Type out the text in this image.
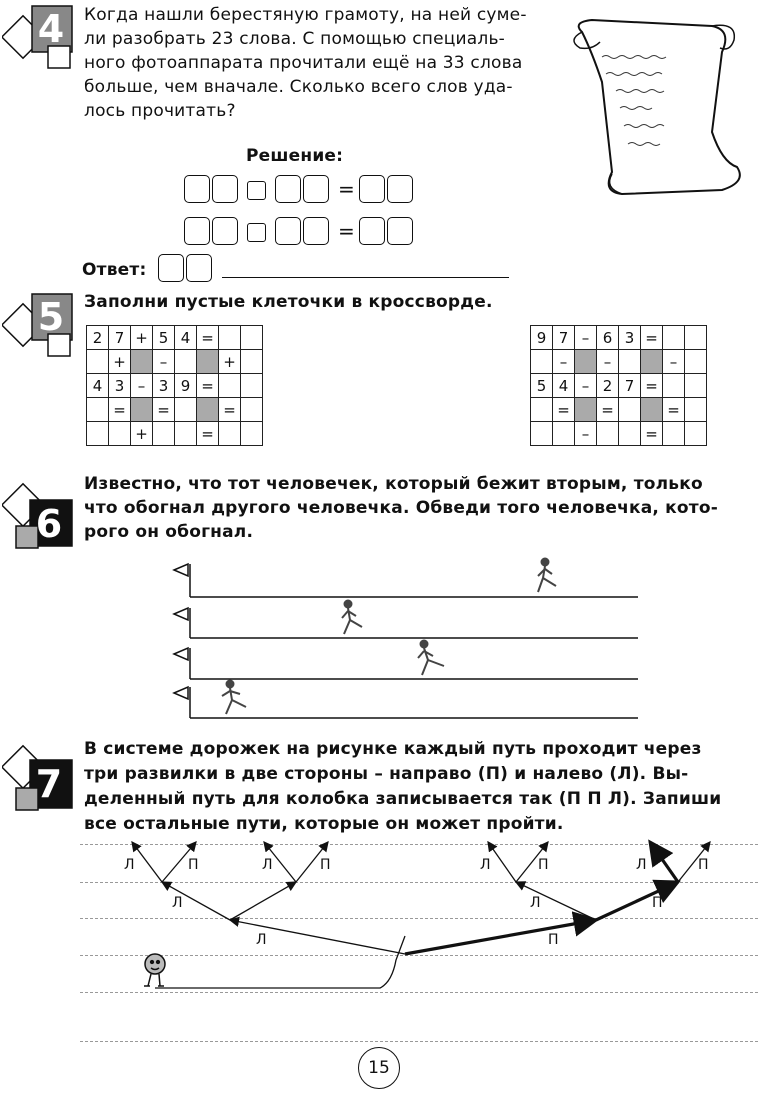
4	Когда нашли берестяную грамоту, на ней суме-
ли разобрать 23 слова. С помощью специаль-
ного фотоаппарата прочитали ещё на 33 слова
больше, чем вначале. Сколько всего слов уда-
лось прочитать?
Решение:
=
=
Ответ:
5	Заполни пустые клеточки в кроссворде.
2	7	+	5	4	=		
	+		–			+	
4	3	–	3	9	=		
	=		=			=	
		+			=		
9	7	–	6	3	=		
	–		–			–	
5	4	–	2	7	=		
	=		=			=	
		–			=		
6
Известно, что тот человечек, который бежит вторым, только
что обогнал другого человечка. Обведи того человечка, кото-
рого он обогнал.
7
В системе дорожек на рисунке каждый путь проходит через
три развилки в две стороны – направо (П) и налево (Л). Вы-
деленный путь для колобка записывается так (П П Л). Запиши
все остальные пути, которые он может пройти.
Л	П	Л	П	Л	П	Л	П
Л	Л	П
Л	П
15
